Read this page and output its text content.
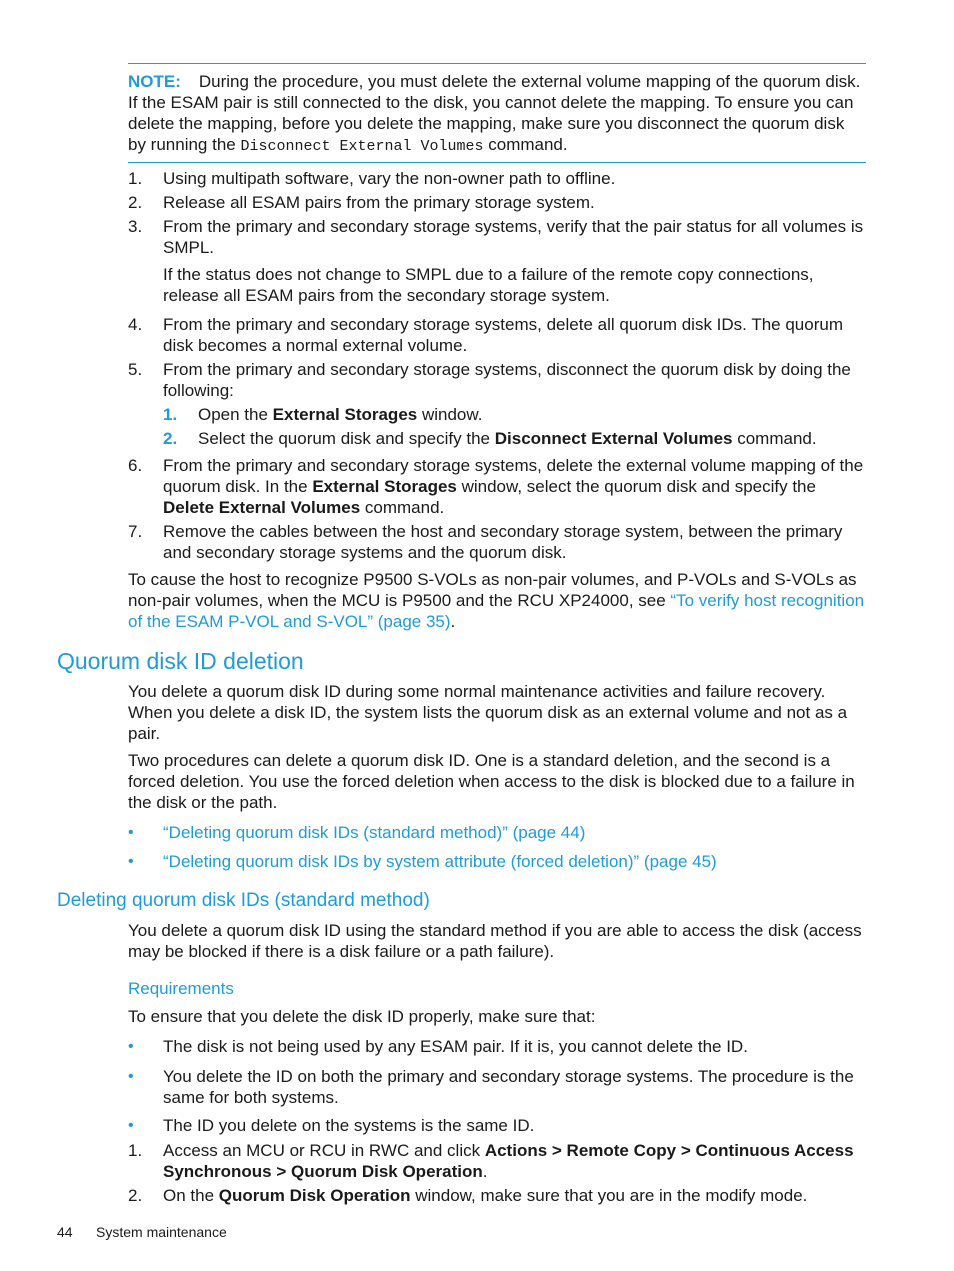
NOTE: During the procedure, you must delete the external volume mapping of the quorum disk. If the ESAM pair is still connected to the disk, you cannot delete the mapping. To ensure you can delete the mapping, before you delete the mapping, make sure you disconnect the quorum disk by running the Disconnect External Volumes command.
1.	Using multipath software, vary the non-owner path to offline.
2.	Release all ESAM pairs from the primary storage system.
3.	From the primary and secondary storage systems, verify that the pair status for all volumes is SMPL.
If the status does not change to SMPL due to a failure of the remote copy connections, release all ESAM pairs from the secondary storage system.
4.	From the primary and secondary storage systems, delete all quorum disk IDs. The quorum disk becomes a normal external volume.
5.	From the primary and secondary storage systems, disconnect the quorum disk by doing the following:
1. Open the External Storages window.
2. Select the quorum disk and specify the Disconnect External Volumes command.
6.	From the primary and secondary storage systems, delete the external volume mapping of the quorum disk. In the External Storages window, select the quorum disk and specify the Delete External Volumes command.
7.	Remove the cables between the host and secondary storage system, between the primary and secondary storage systems and the quorum disk.
To cause the host to recognize P9500 S-VOLs as non-pair volumes, and P-VOLs and S-VOLs as non-pair volumes, when the MCU is P9500 and the RCU XP24000, see “To verify host recognition of the ESAM P-VOL and S-VOL” (page 35).
Quorum disk ID deletion
You delete a quorum disk ID during some normal maintenance activities and failure recovery. When you delete a disk ID, the system lists the quorum disk as an external volume and not as a pair.
Two procedures can delete a quorum disk ID. One is a standard deletion, and the second is a forced deletion. You use the forced deletion when access to the disk is blocked due to a failure in the disk or the path.
• “Deleting quorum disk IDs (standard method)” (page 44)
• “Deleting quorum disk IDs by system attribute (forced deletion)” (page 45)
Deleting quorum disk IDs (standard method)
You delete a quorum disk ID using the standard method if you are able to access the disk (access may be blocked if there is a disk failure or a path failure).
Requirements
To ensure that you delete the disk ID properly, make sure that:
• The disk is not being used by any ESAM pair. If it is, you cannot delete the ID.
• You delete the ID on both the primary and secondary storage systems. The procedure is the same for both systems.
• The ID you delete on the systems is the same ID.
1.	Access an MCU or RCU in RWC and click Actions > Remote Copy > Continuous Access Synchronous > Quorum Disk Operation.
2.	On the Quorum Disk Operation window, make sure that you are in the modify mode.
44 System maintenance
